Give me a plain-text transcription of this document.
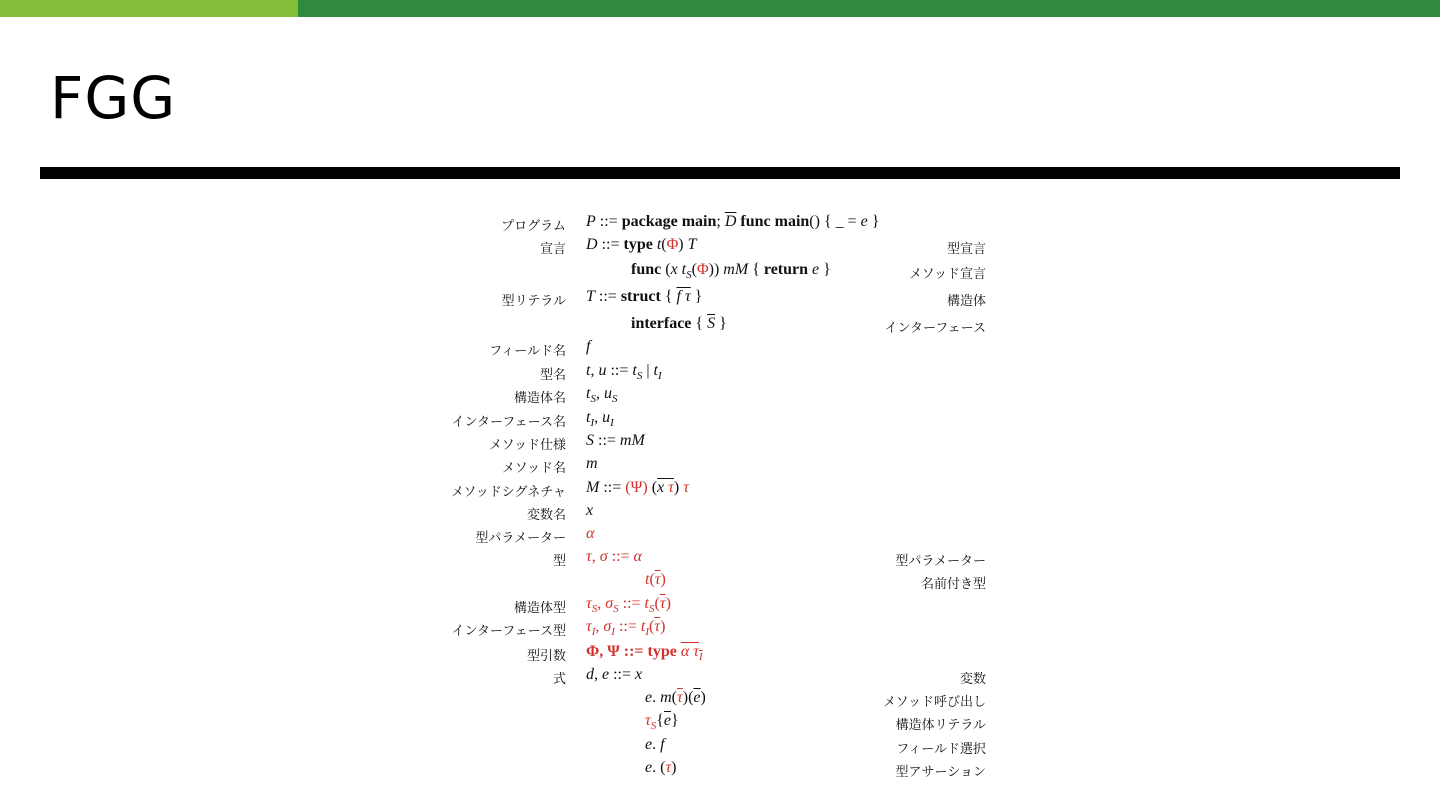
FGG
プログラム P ::= package main; $\overline{D}$ func main() { _ = e }
宣言 D ::= type t(Φ) T	型宣言
func (x $t_S(\Phi)$) mM { return e }	メソッド宣言
型リテラル T ::= struct { f τ }	構造体
interface { $\overline{S}$ }	インターフェース
フィールド名 f
型名 t, u ::= $t_S$ | $t_I$
構造体名 $t_S$, $u_S$
インターフェース名 $t_I$, $u_I$
メソッド仕様 S ::= mM
メソッド名 m
メソッドシグネチャ M ::= (Ψ) (x τ) τ
変数名 x
型パラメーター α
型 τ, σ ::= α	型パラメーター
$t(\overline{\tau})$	名前付き型
構造体型 $\tau_S$, $\sigma_S$ ::= $t_S(\overline{\tau})$
インターフェース型 $\tau_I$, $\sigma_I$ ::= $t_I(\overline{\tau})$
型引数 Φ, Ψ ::= type α $\tau_I$
式 d, e ::= x	変数
e. $m(\overline{\tau})(\overline{e})$	メソッド呼び出し
$\tau_S\{\overline{e}\}$	構造体リテラル
e. f	フィールド選択
e. (τ)	型アサーション
